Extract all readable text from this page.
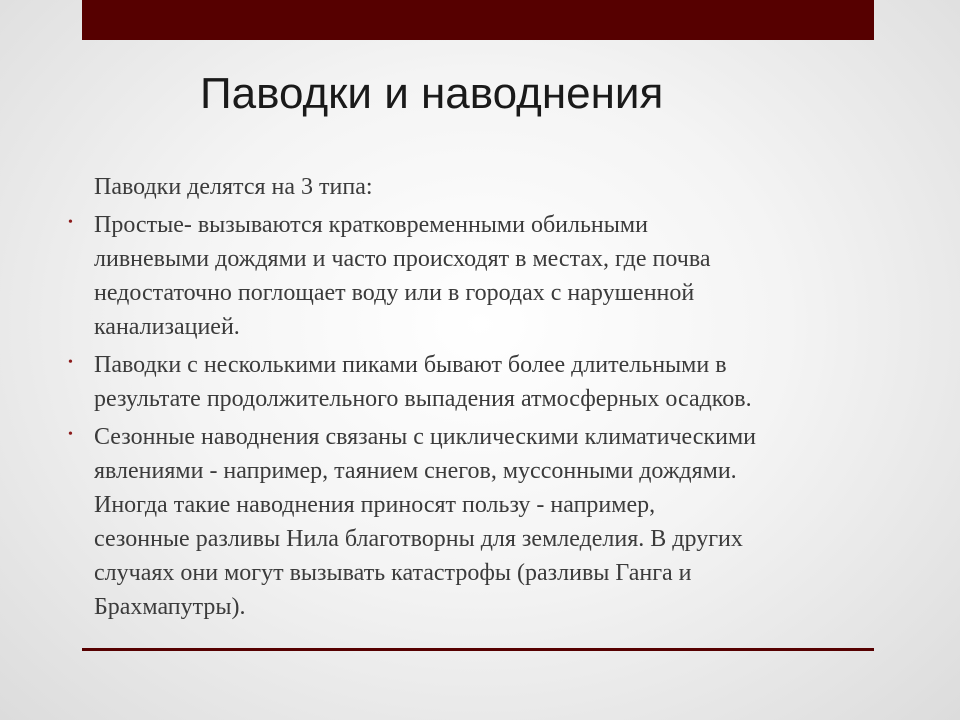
Паводки и наводнения

Паводки делятся на 3 типа:

• Простые- вызываются кратковременными обильными
ливневыми дождями и часто происходят в местах, где почва
недостаточно поглощает воду или в городах с нарушенной
канализацией.
• Паводки с несколькими пиками бывают более длительными в
результате продолжительного выпадения атмосферных осадков.
• Сезонные наводнения связаны с циклическими климатическими
явлениями - например, таянием снегов, муссонными дождями.
Иногда такие наводнения приносят пользу - например,
сезонные разливы Нила благотворны для земледелия. В других
случаях они могут вызывать катастрофы (разливы Ганга и
Брахмапутры).
